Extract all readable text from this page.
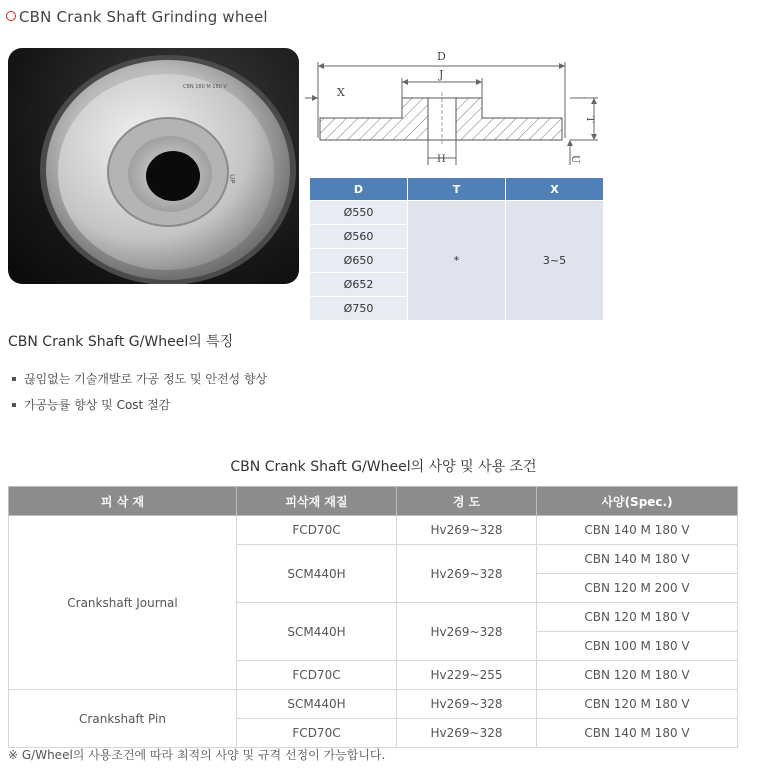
CBN Crank Shaft Grinding wheel
CBN 180 M 180 V
UP
D
J
X
H
T
U
D	T	X
Ø550	*	3~5
Ø560		
Ø650		
Ø652		
Ø750		
CBN Crank Shaft G/Wheel의 특징
끊임없는 기술개발로 가공 정도 및 안전성 향상
가공능률 향상 및 Cost 절감
CBN Crank Shaft G/Wheel의 사양 및 사용 조건
피 삭 재	피삭재 재질	경 도	사양(Spec.)
Crankshaft Journal	FCD70C	Hv269~328	CBN 140 M 180 V
	SCM440H	Hv269~328	CBN 140 M 180 V
			CBN 120 M 200 V
	SCM440H	Hv269~328	CBN 120 M 180 V
			CBN 100 M 180 V
	FCD70C	Hv229~255	CBN 120 M 180 V
Crankshaft Pin	SCM440H	Hv269~328	CBN 120 M 180 V
	FCD70C	Hv269~328	CBN 140 M 180 V
※ G/Wheel의 사용조건에 따라 최적의 사양 및 규격 선정이 가능합니다.
